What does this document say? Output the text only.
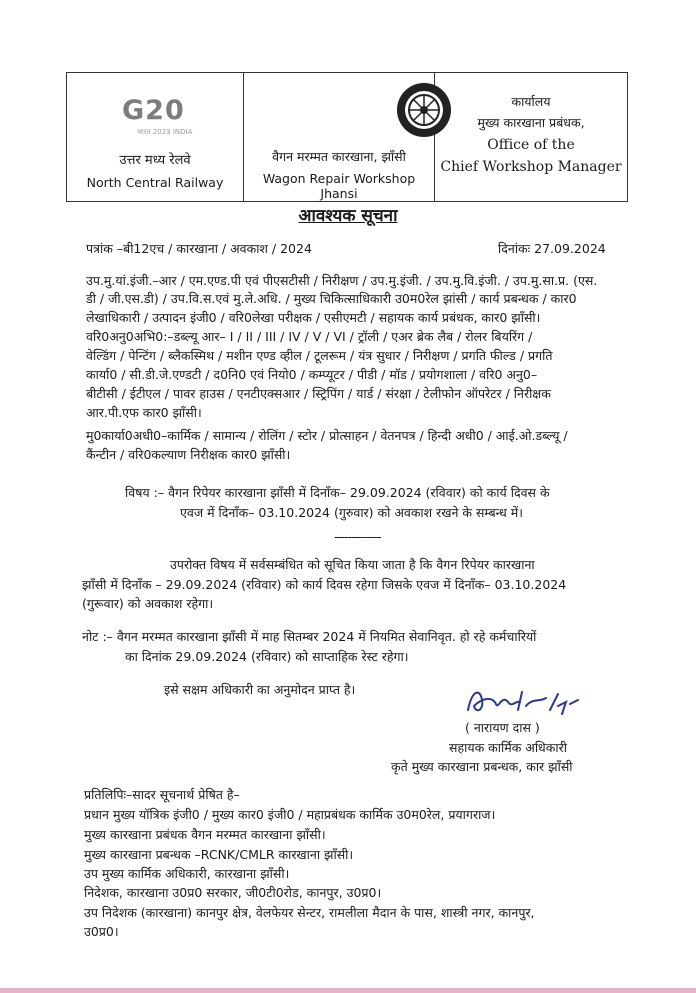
G20
भारत 2023 INDIA
उत्तर मध्य रेलवे
North Central Railway
वैगन मरम्मत कारखाना, झाँसी
Wagon Repair Workshop Jhansi
कार्यालय
मुख्य कारखाना प्रबंधक,
Office of the
Chief Workshop Manager
आवश्यक सूचना
पत्रांक –बी12एच / कारखाना / अवकाश / 2024	दिनांकः 27.09.2024
उप.मु.यां.इंजी.–आर / एम.एण्ड.पी एवं पीएसटीसी / निरीक्षण / उप.मु.इंजी. / उप.मु.वि.इंजी. / उप.मु.सा.प्र. (एस.
डी / जी.एस.डी) / उप.वि.स.एवं मु.ले.अधि. / मुख्य चिकित्साधिकारी उ0म0रेल झांसी / कार्य प्रबन्धक / कार0
लेखाधिकारी / उत्पादन इंजी0 / वरि0लेखा परीक्षक / एसीएमटी / सहायक कार्य प्रबंधक, कार0 झाँसी।
वरि0अनु0अभि0:–डब्ल्यू आर– I / II / III / IV / V / VI / ट्रॉली / एअर ब्रेक लैब / रोलर बियरिंग /
वेल्डिंग / पेन्टिंग / ब्लैकस्मिथ / मशीन एण्ड व्हील / टूलरूम / यंत्र सुधार / निरीक्षण / प्रगति फील्ड / प्रगति
कार्या0 / सी.डी.जे.एण्डटी / द0नि0 एवं नियो0 / कम्प्यूटर / पीडी / मॉड / प्रयोगशाला / वरि0 अनु0–
बीटीसी / ईटीएल / पावर हाउस / एनटीएक्सआर / स्ट्रिपिंग / यार्ड / संरक्षा / टेलीफोन ऑपरेटर / निरीक्षक
आर.पी.एफ कार0 झाँसी।
मु0कार्या0अधी0–कार्मिक / सामान्य / रोलिंग / स्टोर / प्रोत्साहन / वेतनपत्र / हिन्दी अधी0 / आई.ओ.डब्ल्यू /
कैंन्टीन / वरि0कल्याण निरीक्षक कार0 झाँसी।
विषय :– वैगन रिपेयर कारखाना झाँसी में दिनाँक– 29.09.2024 (रविवार) को कार्य दिवस के
एवज में दिनाँक– 03.10.2024 (गुरुवार) को अवकाश रखने के सम्बन्ध में।
--------------
उपरोक्त विषय में सर्वसम्बंधित को सूचित किया जाता है कि वैगन रिपेयर कारखाना
झाँसी में दिनाँक – 29.09.2024 (रविवार) को कार्य दिवस रहेगा जिसके एवज में दिनाँक– 03.10.2024
(गुरूवार) को अवकाश रहेगा।
नोट :– वैगन मरम्मत कारखाना झाँसी में माह सितम्बर 2024 में नियमित सेवानिवृत. हो रहे कर्मचारियों
का दिनांक 29.09.2024 (रविवार) को साप्ताहिक रेस्ट रहेगा।
इसे सक्षम अधिकारी का अनुमोदन प्राप्त है।
( नारायण दास )
सहायक कार्मिक अधिकारी
कृते मुख्य कारखाना प्रबन्धक, कार झाँसी
प्रतिलिपिः–सादर सूचनार्थ प्रेषित है–
प्रधान मुख्य यॉत्रिक इंजी0 / मुख्य कार0 इंजी0 / महाप्रबंधक कार्मिक उ0म0रेल, प्रयागराज।
मुख्य कारखाना प्रबंधक वैगन मरम्मत कारखाना झाँसी।
मुख्य कारखाना प्रबन्धक –RCNK/CMLR कारखाना झाँसी।
उप मुख्य कार्मिक अधिकारी, कारखाना झाँसी।
निदेशक, कारखाना उ0प्र0 सरकार, जी0टी0रोड, कानपुर, उ0प्र0।
उप निदेशक (कारखाना) कानपुर क्षेत्र, वेलफेयर सेन्टर, रामलीला मैदान के पास, शास्त्री नगर, कानपुर,
उ0प्र0।
